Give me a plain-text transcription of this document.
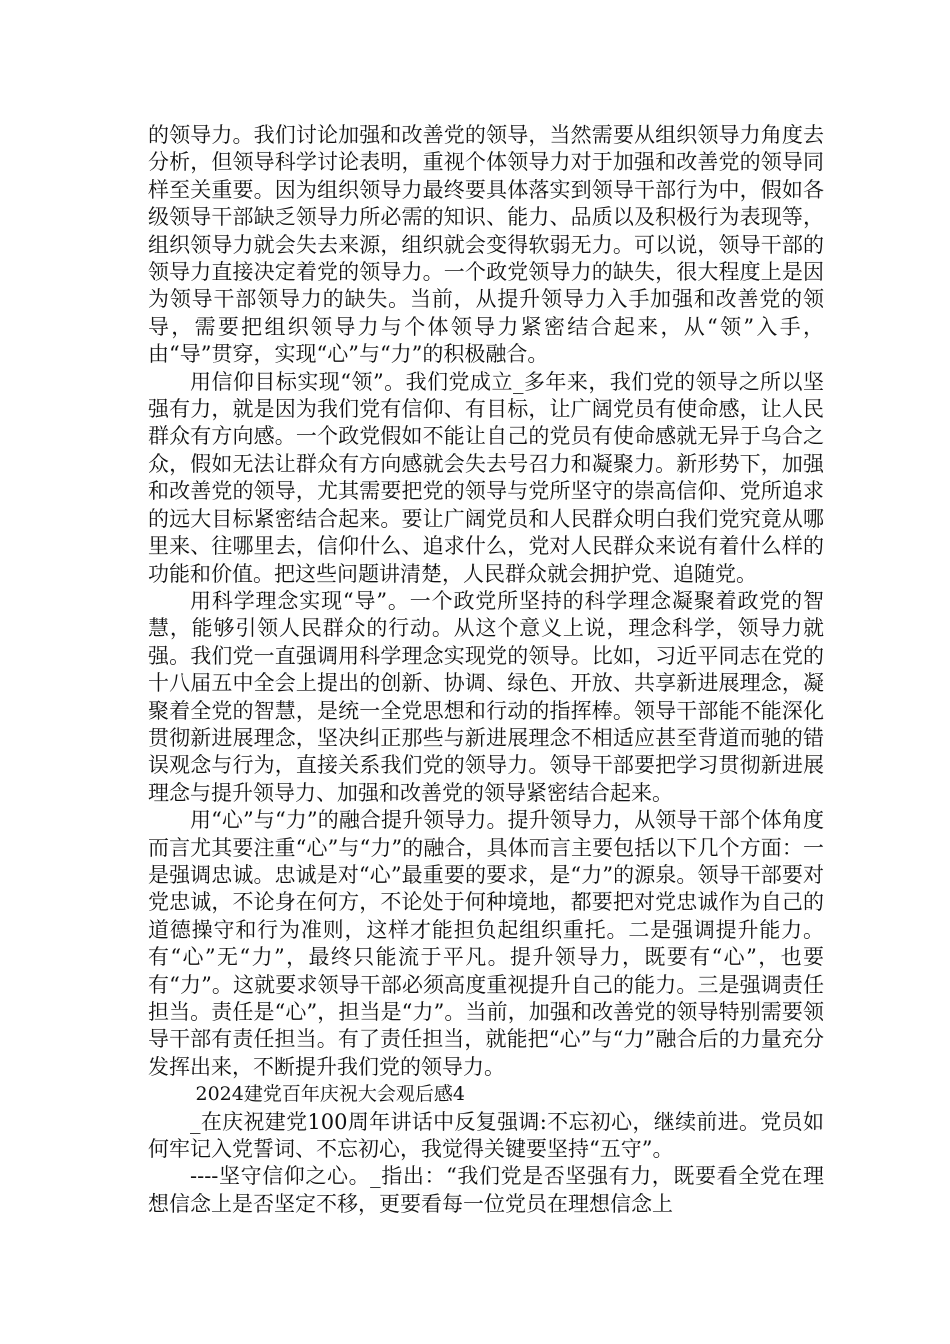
的领导力。我们讨论加强和改善党的领导，当然需要从组织领导力角度去分析，但领导科学讨论表明，重视个体领导力对于加强和改善党的领导同样至关重要。因为组织领导力最终要具体落实到领导干部行为中，假如各级领导干部缺乏领导力所必需的知识、能力、品质以及积极行为表现等，组织领导力就会失去来源，组织就会变得软弱无力。可以说，领导干部的领导力直接决定着党的领导力。一个政党领导力的缺失，很大程度上是因为领导干部领导力的缺失。当前，从提升领导力入手加强和改善党的领导，需要把组织领导力与个体领导力紧密结合起来，从“领”入手，由“导”贯穿，实现“心”与“力”的积极融合。

用信仰目标实现“领”。我们党成立_多年来，我们党的领导之所以坚强有力，就是因为我们党有信仰、有目标，让广阔党员有使命感，让人民群众有方向感。一个政党假如不能让自己的党员有使命感就无异于乌合之众，假如无法让群众有方向感就会失去号召力和凝聚力。新形势下，加强和改善党的领导，尤其需要把党的领导与党所坚守的崇高信仰、党所追求的远大目标紧密结合起来。要让广阔党员和人民群众明白我们党究竟从哪里来、往哪里去，信仰什么、追求什么，党对人民群众来说有着什么样的功能和价值。把这些问题讲清楚，人民群众就会拥护党、追随党。

用科学理念实现“导”。一个政党所坚持的科学理念凝聚着政党的智慧，能够引领人民群众的行动。从这个意义上说，理念科学，领导力就强。我们党一直强调用科学理念实现党的领导。比如，习近平同志在党的十八届五中全会上提出的创新、协调、绿色、开放、共享新进展理念，凝聚着全党的智慧，是统一全党思想和行动的指挥棒。领导干部能不能深化贯彻新进展理念，坚决纠正那些与新进展理念不相适应甚至背道而驰的错误观念与行为，直接关系我们党的领导力。领导干部要把学习贯彻新进展理念与提升领导力、加强和改善党的领导紧密结合起来。

用“心”与“力”的融合提升领导力。提升领导力，从领导干部个体角度而言尤其要注重“心”与“力”的融合，具体而言主要包括以下几个方面：一是强调忠诚。忠诚是对“心”最重要的要求，是“力”的源泉。领导干部要对党忠诚，不论身在何方，不论处于何种境地，都要把对党忠诚作为自己的道德操守和行为准则，这样才能担负起组织重托。二是强调提升能力。有“心”无“力”，最终只能流于平凡。提升领导力，既要有“心”，也要有“力”。这就要求领导干部必须高度重视提升自己的能力。三是强调责任担当。责任是“心”，担当是“力”。当前，加强和改善党的领导特别需要领导干部有责任担当。有了责任担当，就能把“心”与“力”融合后的力量充分发挥出来，不断提升我们党的领导力。

2024建党百年庆祝大会观后感4

_在庆祝建党100周年讲话中反复强调:不忘初心，继续前进。党员如何牢记入党誓词、不忘初心，我觉得关键要坚持“五守”。

----坚守信仰之心。_指出：“我们党是否坚强有力，既要看全党在理想信念上是否坚定不移，更要看每一位党员在理想信念上
